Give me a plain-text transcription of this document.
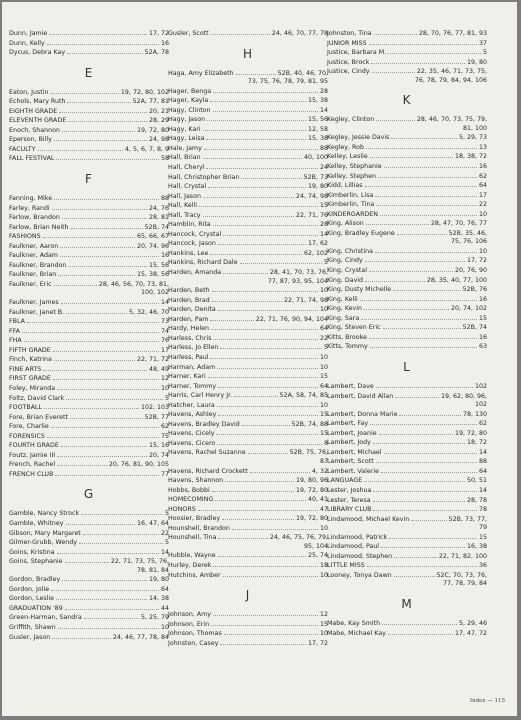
Dunn, Jamie	17, 72
Dunn, Kelly	16
Dycus, Debra Kay	52A, 78
E
Eaton, Justin	19, 72, 80, 102
Echols, Mary Ruth	52A, 77, 81
EIGHTH GRADE	20, 21
ELEVENTH GRADE	28, 29
Enoch, Shannon	19, 72, 80
Eperson, Billy	24, 98
FACULTY	4, 5, 6, 7, 8, 9
FALL FESTIVAL	58
F
Fanning, Mike	88
Farley, Randi	24, 76
Farlow, Brandon	28, 81
Farlow, Brian Neith	52B, 74
FASHIONS	65, 66, 67
Faulkner, Aaron	20, 74, 96
Faulkner, Adam	16
Faulkner, Brandon	15, 56
Faulkner, Brian	15, 38, 56
Faulkner, Eric	28, 46, 56, 70, 73, 81,
100, 102
Faulkner, James	14
Faulkner, Janet B.	5, 32, 46, 70
FBLA	73
FFA	74
FHA	76
FIFTH GRADE	17
Finch, Katrina	22, 71, 72
FINE ARTS	48, 49
FIRST GRADE	12
Foley, Miranda	10
Foltz, David Clark	5
FOOTBALL	102, 103
Fore, Brian Everett	52B, 77
Fore, Charlie	62
FORENSICS	75
FOURTH GRADE	15, 16
Foutz, Jamie III	20, 74
French, Rachel	20, 76, 81, 90, 105
FRENCH CLUB	77
G
Gamble, Nancy Strock	5
Gamble, Whitney	16, 47, 64
Gibson, Mary Margaret	22
Gilmer-Grubb, Wendy	5
Goins, Kristina	14
Goins, Stephanie	22, 71, 73, 75, 76,
78, 81, 84
Gordon, Bradley	19, 80
Gordon, Jolie	64
Gordon, Leslie	14, 38
GRADUATION '89	44
Green-Harman, Sandra	5, 25, 79
Griffith, Shawn	10
Gusler, Jason	24, 46, 77, 78, 84
Gusler, Scott	24, 46, 70, 77, 78
H
Haga, Amy Elizabeth	52B, 40, 46, 70,
73, 75, 76, 78, 79, 81, 95
Hager, Benga	28
Hager, Kayla	15, 38
Hagy, Clinton	14
Hagy, Jason	15, 56
Hagy, Kari	12, 58
Hagy, Leisa	15, 38
Hale, Jamy	88
Hall, Brian	40, 100
Hall, Cheryl	24
Hall, Christopher Brian	52B, 73
Hall, Crystal	19, 80
Hall, Jason	24, 74, 98
Hall, Kelli	15
Hall, Tracy	22, 71, 76
Hamblin, Rita	28
Hancock, Crystal	14
Hancock, Jason	17, 62
Hankins, Lee	62, 102
Hankins, Richard Dale	5
Harden, Amanda	28, 41, 70, 73, 76,
77, 87, 93, 95, 104
Harden, Beth	10
Harden, Brad	22, 71, 74, 98
Harden, Denita	10
Harden, Pam	22, 71, 76, 90, 94, 104
Hardy, Helen	64
Harless, Chris	22
Harless, Jo Ellen	5
Harless, Paul	10
Harman, Adam	10
Harner, Kari	15
Harner, Tommy	64
Harris, Carl Henry Jr.	52A, 58, 74, 85
Hatcher, Laura	10
Havens, Ashley	15
Havens, Bradley David	52B, 74, 88
Havens, Cicely	15
Havens, Cicero	8
Havens, Rachel Suzanne	52B, 75, 76,
87
Havens, Richard Crockett	4, 32
Havens, Shannon	19, 80, 96
Hobbs, Bobbi	19, 72, 80
HOMECOMING	40, 41
HONORS	47
Hoosier, Bradley	19, 72, 80
Hounshell, Brandon	10
Hounshell, Tina	24, 46, 75, 76, 79,
95, 104
Hubble, Wayne	25, 74
Hurley, Derek	18
Hutchins, Amber	10
J
Johnson, Amy	12
Johnson, Erin	15
Johnson, Thomas	10
Johnston, Casey	17, 72
Johnston, Tina	28, 70, 76, 77, 81, 93
JUNIOR MISS	37
Justice, Barbara M.	5
Justice, Brock	19, 80
Justice, Cindy	22, 35, 46, 71, 73, 75,
76, 78, 79, 84, 94, 106
K
Kegley, Clinton	28, 46, 70, 73, 75, 79,
81, 100
Kegley, Jessie Davis	5, 29, 73
Kegley, Rob	13
Kelley, Leslie	18, 38, 72
Kelley, Stephanie	16
Kelley, Stephen	62
Kidd, Lillias	64
Kimberlin, Lisa	17
Kimberlin, Tina	22
KINDERGARDEN	10
King, Alison	28, 47, 70, 76, 77
King, Bradley Eugene	52B, 35, 46,
75, 76, 106
King, Christina	10
King, Cindy	17, 72
King, Crystal	20, 76, 90
King, David	28, 35, 40, 77, 100
King, Dusty Michelle	52B, 76
King, Kelli	16
King, Kevin	20, 74, 102
King, Sara	15
King, Steven Eric	52B, 74
Kitts, Brooke	16
Kitts, Tommy	63
L
Lambert, Dave	102
Lambert, David Allan	19, 62, 80, 96,
102
Lambert, Donna Marie	78, 130
Lambert, Fay	62
Lambert, Joanie	19, 72, 80
Lambert, Jody	18, 72
Lambert, Michael	14
Lambert, Scott	88
Lambert, Valerie	64
LANGUAGE	50, 51
Lester, Joshua	14
Lester, Teresa	28, 78
LIBRARY CLUB	78
Lindamood, Michael Kevin	52B, 73, 77,
79
Lindamood, Patrick	15
Lindamood, Paul	16, 38
Lindamood, Stephen	22, 71, 82, 100
LITTLE MISS	36
Looney, Tonya Dawn	52C, 70, 73, 76,
77, 78, 79, 84
M
Mabe, Kay Smith	5, 29, 46
Mabe, Michael Kay	17, 47, 72
Index — 115
